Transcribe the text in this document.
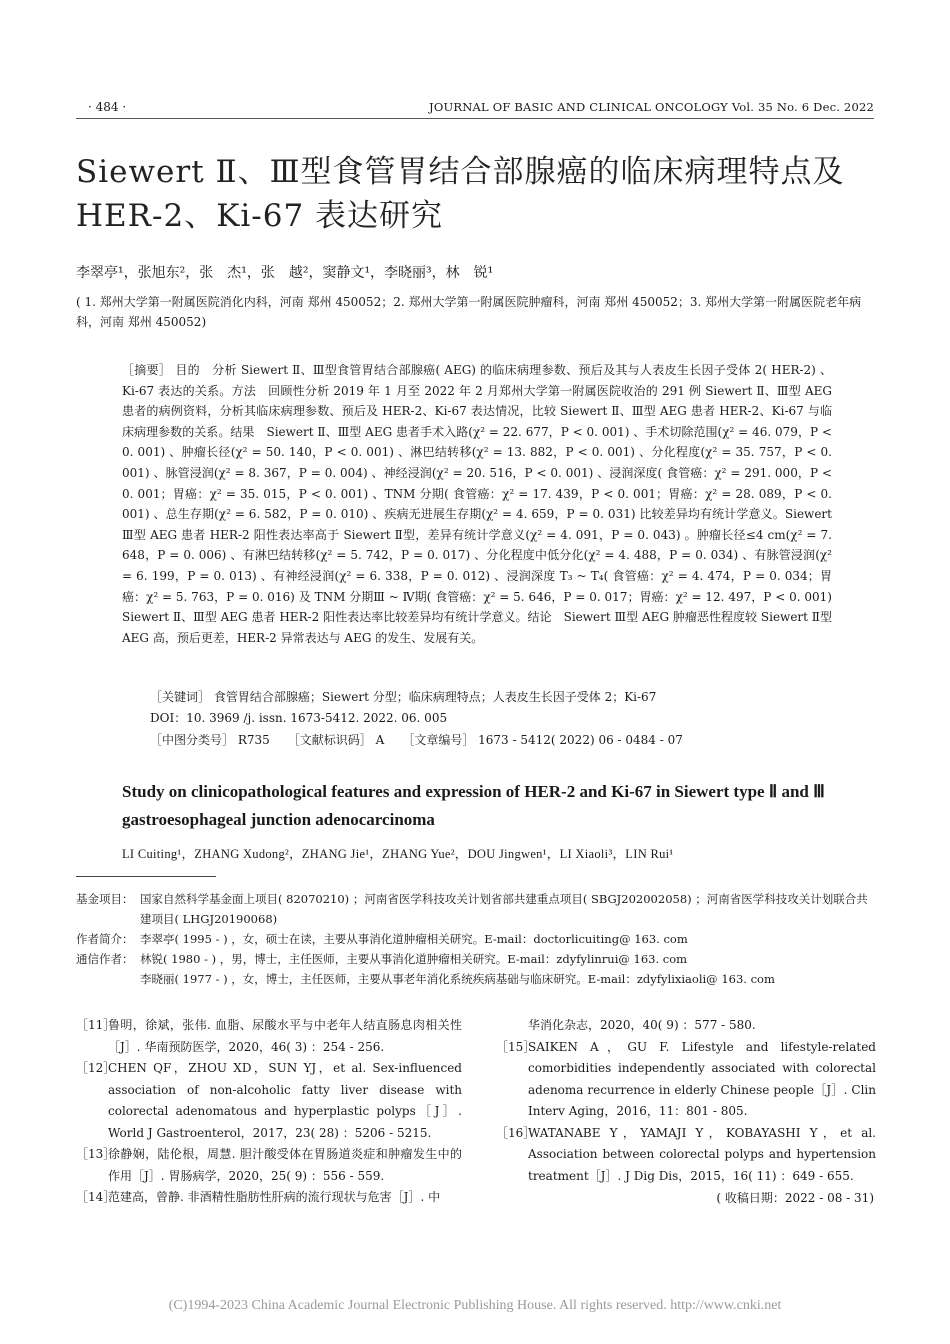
· 484 ·	JOURNAL OF BASIC AND CLINICAL ONCOLOGY Vol. 35 No. 6 Dec. 2022
Siewert Ⅱ、Ⅲ型食管胃结合部腺癌的临床病理特点及
HER-2、Ki-67 表达研究
李翠亭¹，张旭东²，张　杰¹，张　越²，窦静文¹，李晓丽³，林　锐¹
( 1. 郑州大学第一附属医院消化内科，河南 郑州 450052；2. 郑州大学第一附属医院肿瘤科，河南 郑州 450052；3. 郑州大学第一附属医院老年病科，河南 郑州 450052)
［摘要］ 目的　分析 Siewert Ⅱ、Ⅲ型食管胃结合部腺癌( AEG) 的临床病理参数、预后及其与人表皮生长因子受体 2( HER-2) 、Ki-67 表达的关系。方法　回顾性分析 2019 年 1 月至 2022 年 2 月郑州大学第一附属医院收治的 291 例 Siewert Ⅱ、Ⅲ型 AEG 患者的病例资料，分析其临床病理参数、预后及 HER-2、Ki-67 表达情况，比较 Siewert Ⅱ、Ⅲ型 AEG 患者 HER-2、Ki-67 与临床病理参数的关系。结果　Siewert Ⅱ、Ⅲ型 AEG 患者手术入路(χ² = 22. 677，P < 0. 001) 、手术切除范围(χ² = 46. 079，P < 0. 001) 、肿瘤长径(χ² = 50. 140，P < 0. 001) 、淋巴结转移(χ² = 13. 882，P < 0. 001) 、分化程度(χ² = 35. 757，P < 0. 001) 、脉管浸润(χ² = 8. 367，P = 0. 004) 、神经浸润(χ² = 20. 516，P < 0. 001) 、浸润深度( 食管癌：χ² = 291. 000，P < 0. 001；胃癌：χ² = 35. 015，P < 0. 001) 、TNM 分期( 食管癌：χ² = 17. 439，P < 0. 001；胃癌：χ² = 28. 089，P < 0. 001) 、总生存期(χ² = 6. 582，P = 0. 010) 、疾病无进展生存期(χ² = 4. 659，P = 0. 031) 比较差异均有统计学意义。Siewert Ⅲ型 AEG 患者 HER-2 阳性表达率高于 Siewert Ⅱ型，差异有统计学意义(χ² = 4. 091，P = 0. 043) 。肿瘤长径≤4 cm(χ² = 7. 648，P = 0. 006) 、有淋巴结转移(χ² = 5. 742，P = 0. 017) 、分化程度中低分化(χ² = 4. 488，P = 0. 034) 、有脉管浸润(χ² = 6. 199，P = 0. 013) 、有神经浸润(χ² = 6. 338，P = 0. 012) 、浸润深度 T₃ ~ T₄( 食管癌：χ² = 4. 474，P = 0. 034；胃癌：χ² = 5. 763，P = 0. 016) 及 TNM 分期Ⅲ ~ Ⅳ期( 食管癌：χ² = 5. 646，P = 0. 017；胃癌：χ² = 12. 497，P < 0. 001) Siewert Ⅱ、Ⅲ型 AEG 患者 HER-2 阳性表达率比较差异均有统计学意义。结论　Siewert Ⅲ型 AEG 肿瘤恶性程度较 Siewert Ⅱ型 AEG 高，预后更差，HER-2 异常表达与 AEG 的发生、发展有关。
［关键词］ 食管胃结合部腺癌；Siewert 分型；临床病理特点；人表皮生长因子受体 2；Ki-67
DOI：10. 3969 /j. issn. 1673-5412. 2022. 06. 005
［中图分类号］ R735 ［文献标识码］ A ［文章编号］ 1673 - 5412( 2022) 06 - 0484 - 07
Study on clinicopathological features and expression of HER-2 and Ki-67 in Siewert type Ⅱ and Ⅲ gastroesophageal junction adenocarcinoma
LI Cuiting¹，ZHANG Xudong²，ZHANG Jie¹，ZHANG Yue²，DOU Jingwen¹，LI Xiaoli³，LIN Rui¹
基金项目： 国家自然科学基金面上项目( 82070210) ；河南省医学科技攻关计划省部共建重点项目( SBGJ202002058) ；河南省医学科技攻关计划联合共建项目( LHGJ20190068)
作者简介： 李翠亭( 1995 - ) ，女，硕士在读，主要从事消化道肿瘤相关研究。E-mail：doctorlicuiting@ 163. com
通信作者： 林锐( 1980 - ) ，男，博士，主任医师，主要从事消化道肿瘤相关研究。E-mail：zdyfylinrui@ 163. com
李晓丽( 1977 - ) ，女，博士，主任医师，主要从事老年消化系统疾病基础与临床研究。E-mail：zdyfylixiaoli@ 163. com
［11］
鲁明，徐斌，张伟. 血脂、尿酸水平与中老年人结直肠息肉相关性［J］. 华南预防医学，2020，46( 3) ：254 - 256.
［12］
CHEN QF，ZHOU XD，SUN YJ，et al. Sex-influenced association of non-alcoholic fatty liver disease with colorectal adenomatous and hyperplastic polyps［J］. World J Gastroenterol，2017，23( 28) ：5206 - 5215.
［13］
徐静娴，陆伦根，周慧. 胆汁酸受体在胃肠道炎症和肿瘤发生中的作用［J］. 胃肠病学，2020，25( 9) ：556 - 559.
［14］
范建高，曾静. 非酒精性脂肪性肝病的流行现状与危害［J］. 中
华消化杂志，2020，40( 9) ：577 - 580.
［15］
SAIKEN A，GU F. Lifestyle and lifestyle-related comorbidities independently associated with colorectal adenoma recurrence in elderly Chinese people［J］. Clin Interv Aging，2016，11：801 - 805.
［16］
WATANABE Y，YAMAJI Y，KOBAYASHI Y，et al. Association between colorectal polyps and hypertension treatment［J］. J Dig Dis，2015，16( 11) ：649 - 655.
( 收稿日期：2022 - 08 - 31)
(C)1994-2023 China Academic Journal Electronic Publishing House. All rights reserved. http://www.cnki.net
